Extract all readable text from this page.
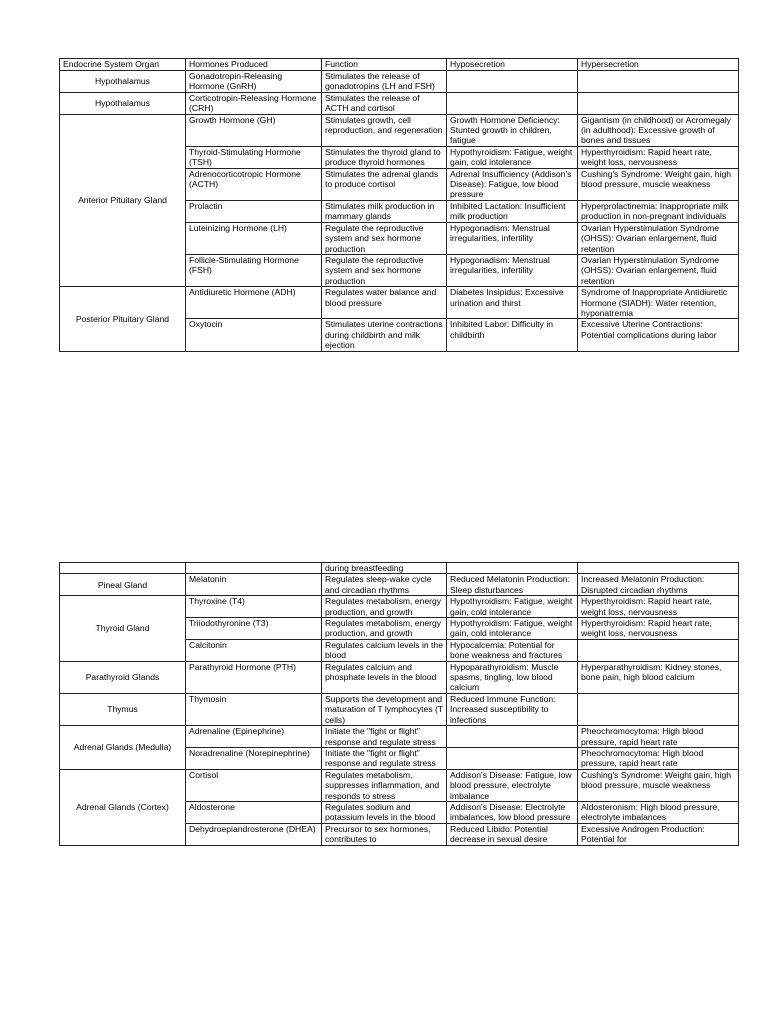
Endocrine System Organ	Hormones Produced	Function	Hyposecretion	Hypersecretion
Hypothalamus	Gonadotropin-Releasing Hormone (GnRH)	Stimulates the release of gonadotropins (LH and FSH)		
Hypothalamus	Corticotropin-Releasing Hormone (CRH)	Stimulates the release of ACTH and cortisol		
Anterior Pituitary Gland	Growth Hormone (GH)	Stimulates growth, cell reproduction, and regeneration	Growth Hormone Deficiency: Stunted growth in children, fatigue	Gigantism (in childhood) or Acromegaly (in adulthood): Excessive growth of bones and tissues
	Thyroid-Stimulating Hormone (TSH)	Stimulates the thyroid gland to produce thyroid hormones	Hypothyroidism: Fatigue, weight gain, cold intolerance	Hyperthyroidism: Rapid heart rate, weight loss, nervousness
	Adrenocorticotropic Hormone (ACTH)	Stimulates the adrenal glands to produce cortisol	Adrenal Insufficiency (Addison's Disease): Fatigue, low blood pressure	Cushing's Syndrome: Weight gain, high blood pressure, muscle weakness
	Prolactin	Stimulates milk production in mammary glands	Inhibited Lactation: Insufficient milk production	Hyperprolactinemia: Inappropriate milk production in non-pregnant individuals
	Luteinizing Hormone (LH)	Regulate the reproductive system and sex hormone production	Hypogonadism: Menstrual irregularities, infertility	Ovarian Hyperstimulation Syndrome (OHSS): Ovarian enlargement, fluid retention
	Follicle-Stimulating Hormone (FSH)	Regulate the reproductive system and sex hormone production	Hypogonadism: Menstrual irregularities, infertility	Ovarian Hyperstimulation Syndrome (OHSS): Ovarian enlargement, fluid retention
Posterior Pituitary Gland	Antidiuretic Hormone (ADH)	Regulates water balance and blood pressure	Diabetes Insipidus: Excessive urination and thirst	Syndrome of Inappropriate Antidiuretic Hormone (SIADH): Water retention, hyponatremia
	Oxytocin	Stimulates uterine contractions during childbirth and milk ejection	Inhibited Labor: Difficulty in childbirth	Excessive Uterine Contractions: Potential complications during labor
		during breastfeeding		
Pineal Gland	Melatonin	Regulates sleep-wake cycle and circadian rhythms	Reduced Melatonin Production: Sleep disturbances	Increased Melatonin Production: Disrupted circadian rhythms
Thyroid Gland	Thyroxine (T4)	Regulates metabolism, energy production, and growth	Hypothyroidism: Fatigue, weight gain, cold intolerance	Hyperthyroidism: Rapid heart rate, weight loss, nervousness
	Triiodothyronine (T3)	Regulates metabolism, energy production, and growth	Hypothyroidism: Fatigue, weight gain, cold intolerance	Hyperthyroidism: Rapid heart rate, weight loss, nervousness
	Calcitonin	Regulates calcium levels in the blood	Hypocalcemia: Potential for bone weakness and fractures	
Parathyroid Glands	Parathyroid Hormone (PTH)	Regulates calcium and phosphate levels in the blood	Hypoparathyroidism: Muscle spasms, tingling, low blood calcium	Hyperparathyroidism: Kidney stones, bone pain, high blood calcium
Thymus	Thymosin	Supports the development and maturation of T lymphocytes (T cells)	Reduced Immune Function: Increased susceptibility to infections	
Adrenal Glands (Medulla)	Adrenaline (Epinephrine)	Initiate the "fight or flight" response and regulate stress		Pheochromocytoma: High blood pressure, rapid heart rate
	Noradrenaline (Norepinephrine)	Initiate the "fight or flight" response and regulate stress		Pheochromocytoma: High blood pressure, rapid heart rate
Adrenal Glands (Cortex)	Cortisol	Regulates metabolism, suppresses inflammation, and responds to stress	Addison's Disease: Fatigue, low blood pressure, electrolyte imbalance	Cushing's Syndrome: Weight gain, high blood pressure, muscle weakness
	Aldosterone	Regulates sodium and potassium levels in the blood	Addison's Disease: Electrolyte imbalances, low blood pressure	Aldosteronism: High blood pressure, electrolyte imbalances
	Dehydroepiandrosterone (DHEA)	Precursor to sex hormones, contributes to	Reduced Libido: Potential decrease in sexual desire	Excessive Androgen Production: Potential for
